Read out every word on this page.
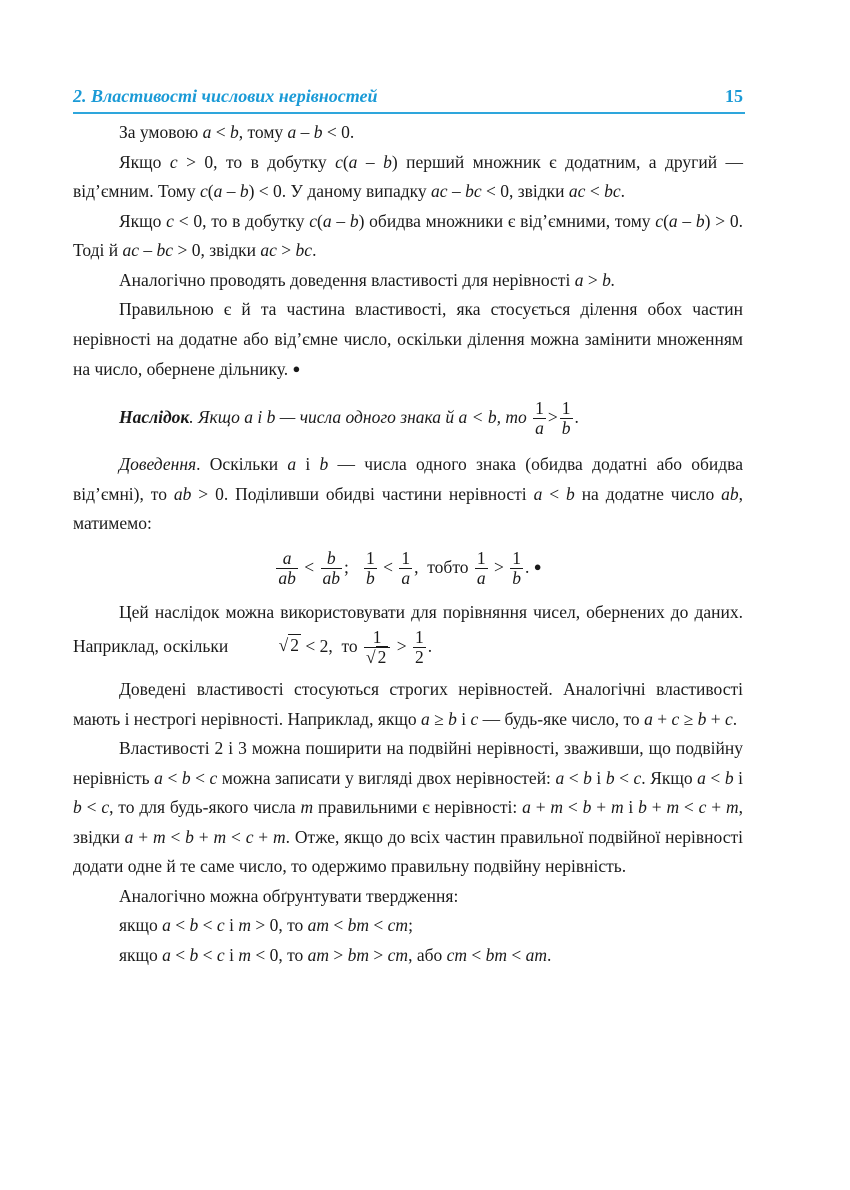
2. Властивості числових нерівностей	15

За умовою a < b, тому a – b < 0.

Якщо c > 0, то в добутку c(a – b) перший множник є додатним, а другий — від’ємним. Тому c(a – b) < 0. У даному випадку ac – bc < 0, звідки ac < bc.

Якщо c < 0, то в добутку c(a – b) обидва множники є від’ємними, тому c(a – b) > 0. Тоді й ac – bc > 0, звідки ac > bc.

Аналогічно проводять доведення властивості для нерівності a > b.

Правильною є й та частина властивості, яка стосується ділення обох частин нерівності на додатне або від’ємне число, оскільки ділення можна замінити множенням на число, обернене дільнику. ●

Наслідок. Якщо a і b — числа одного знака й a < b, то $\frac{1}{a} > \frac{1}{b}$ .

Доведення. Оскільки a і b — числа одного знака (обидва додатні або обидва від’ємні), то ab > 0. Поділивши обидві частини нерівності a < b на додатне число ab, матимемо:

$\frac{a}{ab} < \frac{b}{ab}$ ; $\frac{1}{b} < \frac{1}{a}$ ,  тобто $\frac{1}{a} > \frac{1}{b}$ . ●

Цей наслідок можна використовувати для порівняння чисел, обернених до даних. Наприклад, оскільки	√ 2 < 2,  то $\frac{1}{√ 2} > \frac{1}{2}$ .

Доведені властивості стосуються строгих нерівностей. Аналогічні властивості мають і нестрогі нерівності. Наприклад, якщо a ≥ b і c — будь-яке число, то a + c ≥ b + c.

Властивості 2 і 3 можна поширити на подвійні нерівності, зваживши, що подвійну нерівність a < b < c можна записати у вигляді двох нерівностей: a < b і b < c. Якщо a < b і b < c, то для будь-якого числа m правильними є нерівності: a + m < b + m і b + m < c + m, звідки a + m < b + m < c + m. Отже, якщо до всіх частин правильної подвійної нерівності додати одне й те саме число, то одержимо правильну подвійну нерівність.

Аналогічно можна обґрунтувати твердження:

якщо a < b < c і m > 0, то am < bm < cm;

якщо a < b < c і m < 0, то am > bm > cm, або cm < bm < am.
